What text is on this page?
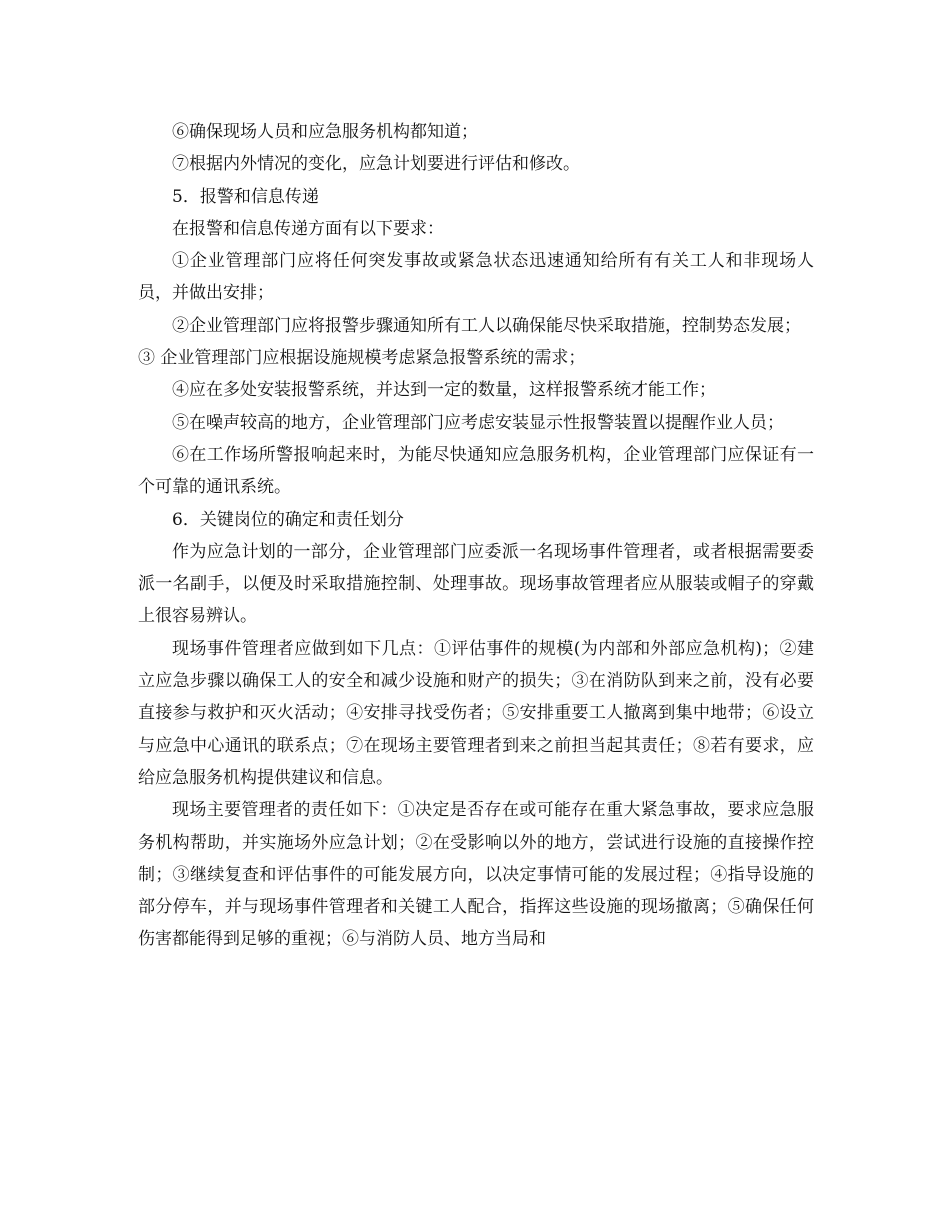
⑥确保现场人员和应急服务机构都知道；

⑦根据内外情况的变化，应急计划要进行评估和修改。

5．报警和信息传递

在报警和信息传递方面有以下要求：

①企业管理部门应将任何突发事故或紧急状态迅速通知给所有有关工人和非现场人员，并做出安排；

②企业管理部门应将报警步骤通知所有工人以确保能尽快采取措施，控制势态发展；

③ 企业管理部门应根据设施规模考虑紧急报警系统的需求；

④应在多处安装报警系统，并达到一定的数量，这样报警系统才能工作；

⑤在噪声较高的地方，企业管理部门应考虑安装显示性报警装置以提醒作业人员；

⑥在工作场所警报响起来时，为能尽快通知应急服务机构，企业管理部门应保证有一个可靠的通讯系统。

6．关键岗位的确定和责任划分

作为应急计划的一部分，企业管理部门应委派一名现场事件管理者，或者根据需要委派一名副手，以便及时采取措施控制、处理事故。现场事故管理者应从服装或帽子的穿戴上很容易辨认。

现场事件管理者应做到如下几点：①评估事件的规模(为内部和外部应急机构)；②建立应急步骤以确保工人的安全和减少设施和财产的损失；③在消防队到来之前，没有必要直接参与救护和灭火活动；④安排寻找受伤者；⑤安排重要工人撤离到集中地带；⑥设立与应急中心通讯的联系点；⑦在现场主要管理者到来之前担当起其责任；⑧若有要求，应给应急服务机构提供建议和信息。

现场主要管理者的责任如下：①决定是否存在或可能存在重大紧急事故，要求应急服务机构帮助，并实施场外应急计划；②在受影响以外的地方，尝试进行设施的直接操作控制；③继续复查和评估事件的可能发展方向，以决定事情可能的发展过程；④指导设施的部分停车，并与现场事件管理者和关键工人配合，指挥这些设施的现场撤离；⑤确保任何伤害都能得到足够的重视；⑥与消防人员、地方当局和
